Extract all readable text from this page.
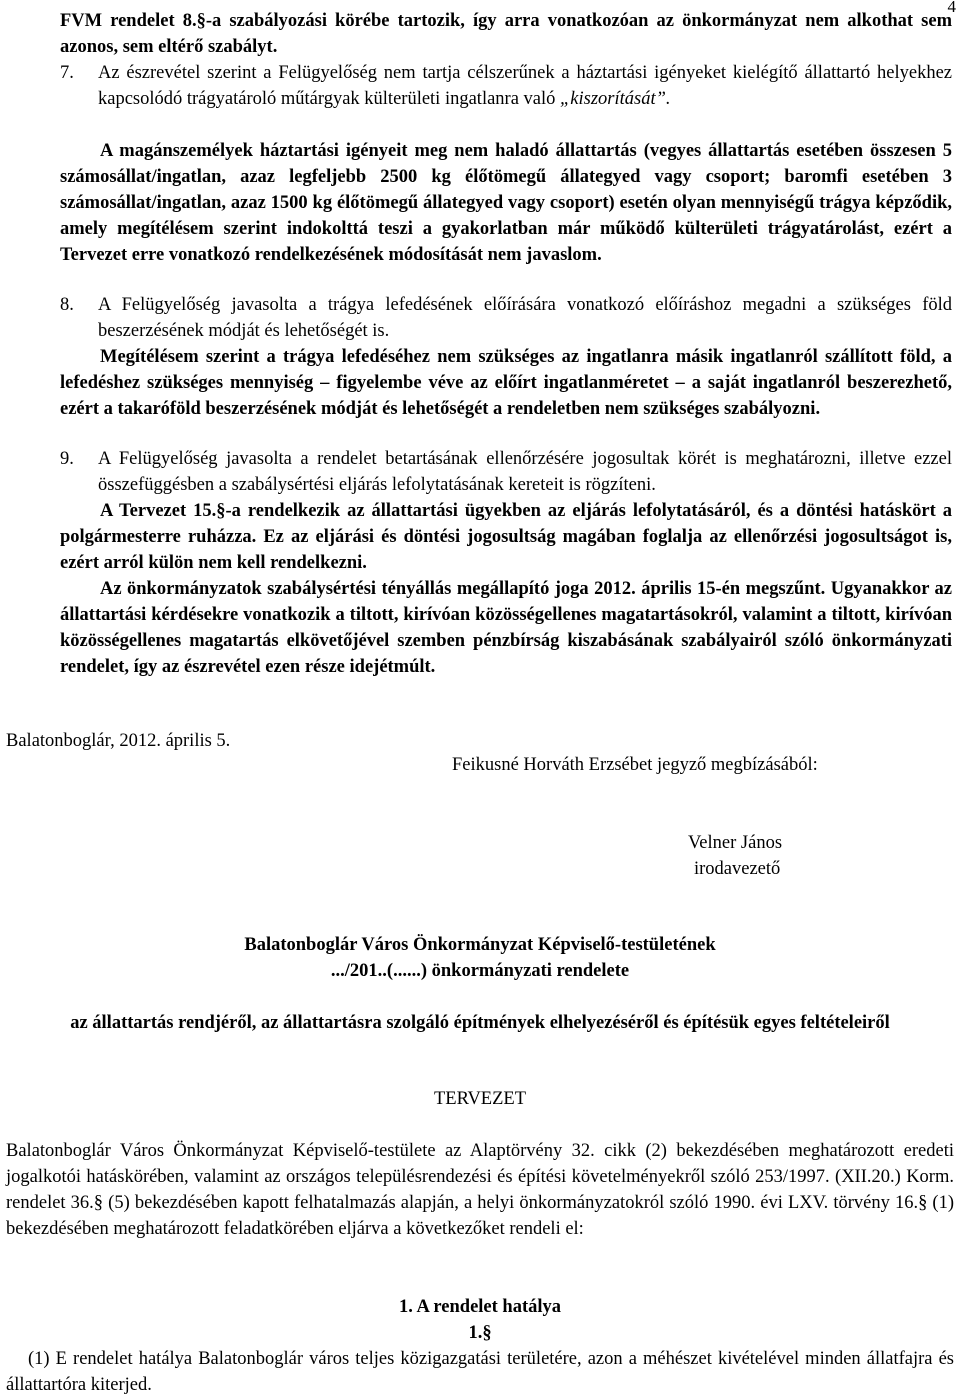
4
FVM rendelet 8.§-a szabályozási körébe tartozik, így arra vonatkozóan az önkormányzat nem alkothat sem azonos, sem eltérő szabályt.
7. Az észrevétel szerint a Felügyelőség nem tartja célszerűnek a háztartási igényeket kielégítő állattartó helyekhez kapcsolódó trágyatároló műtárgyak külterületi ingatlanra való „kiszorítását”.
A magánszemélyek háztartási igényeit meg nem haladó állattartás (vegyes állattartás esetében összesen 5 számosállat/ingatlan, azaz legfeljebb 2500 kg élőtömegű állategyed vagy csoport; baromfi esetében 3 számosállat/ingatlan, azaz 1500 kg élőtömegű állategyed vagy csoport) esetén olyan mennyiségű trágya képződik, amely megítélésem szerint indokolttá teszi a gyakorlatban már működő külterületi trágyatárolást, ezért a Tervezet erre vonatkozó rendelkezésének módosítását nem javaslom.
8. A Felügyelőség javasolta a trágya lefedésének előírására vonatkozó előíráshoz megadni a szükséges föld beszerzésének módját és lehetőségét is.
Megítélésem szerint a trágya lefedéséhez nem szükséges az ingatlanra másik ingatlanról szállított föld, a lefedéshez szükséges mennyiség – figyelembe véve az előírt ingatlanméretet – a saját ingatlanról beszerezhető, ezért a takaróföld beszerzésének módját és lehetőségét a rendeletben nem szükséges szabályozni.
9. A Felügyelőség javasolta a rendelet betartásának ellenőrzésére jogosultak körét is meghatározni, illetve ezzel összefüggésben a szabálysértési eljárás lefolytatásának kereteit is rögzíteni.
A Tervezet 15.§-a rendelkezik az állattartási ügyekben az eljárás lefolytatásáról, és a döntési hatáskört a polgármesterre ruházza. Ez az eljárási és döntési jogosultság magában foglalja az ellenőrzési jogosultságot is, ezért arról külön nem kell rendelkezni.
Az önkormányzatok szabálysértési tényállás megállapító joga 2012. április 15-én megszűnt. Ugyanakkor az állattartási kérdésekre vonatkozik a tiltott, kirívóan közösségellenes magatartásokról, valamint a tiltott, kirívóan közösségellenes magatartás elkövetőjével szemben pénzbírság kiszabásának szabályairól szóló önkormányzati rendelet, így az észrevétel ezen része idejétmúlt.
Balatonboglár, 2012. április 5.
Feikusné Horváth Erzsébet jegyző megbízásából:
Velner János
irodavezető
Balatonboglár Város Önkormányzat Képviselő-testületének
.../201..(......) önkormányzati rendelete
az állattartás rendjéről, az állattartásra szolgáló építmények elhelyezéséről és építésük egyes feltételeiről
TERVEZET
Balatonboglár Város Önkormányzat Képviselő-testülete az Alaptörvény 32. cikk (2) bekezdésében meghatározott eredeti jogalkotói hatáskörében, valamint az országos településrendezési és építési követelményekről szóló 253/1997. (XII.20.) Korm. rendelet 36.§ (5) bekezdésében kapott felhatalmazás alapján, a helyi önkormányzatokról szóló 1990. évi LXV. törvény 16.§ (1) bekezdésében meghatározott feladatkörében eljárva a következőket rendeli el:
1. A rendelet hatálya
1.§
(1) E rendelet hatálya Balatonboglár város teljes közigazgatási területére, azon a méhészet kivételével minden állatfajra és állattartóra kiterjed.
